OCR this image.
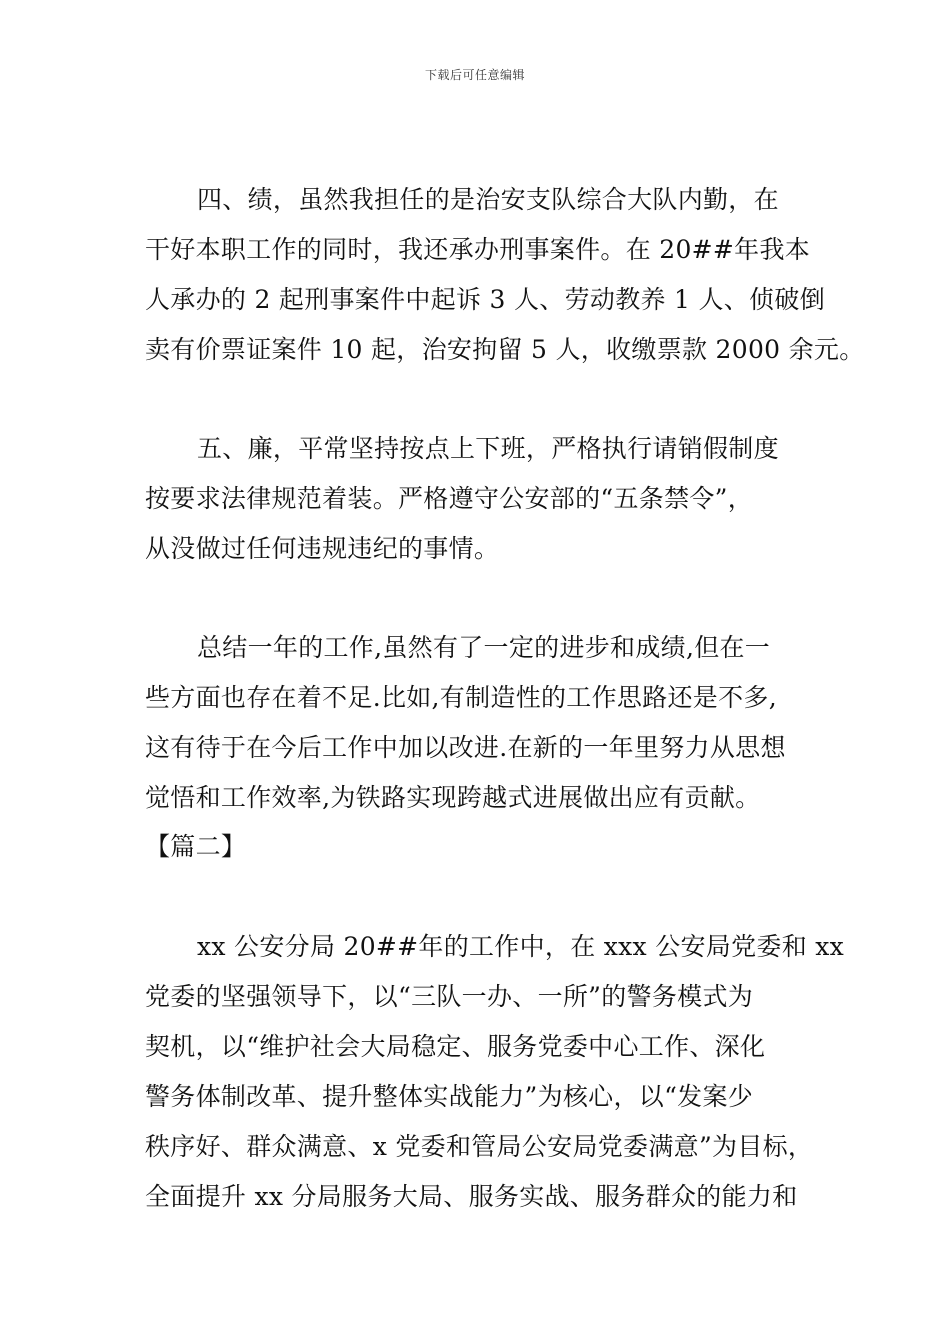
下载后可任意编辑
四、绩，虽然我担任的是治安支队综合大队内勤，在
干好本职工作的同时，我还承办刑事案件。在 20##年我本
人承办的 2 起刑事案件中起诉 3 人、劳动教养 1 人、侦破倒
卖有价票证案件 10 起，治安拘留 5 人，收缴票款 2000 余元。
五、廉，平常坚持按点上下班，严格执行请销假制度
按要求法律规范着装。严格遵守公安部的“五条禁令”，
从没做过任何违规违纪的事情。
总结一年的工作,虽然有了一定的进步和成绩,但在一
些方面也存在着不足.比如,有制造性的工作思路还是不多,
这有待于在今后工作中加以改进.在新的一年里努力从思想
觉悟和工作效率,为铁路实现跨越式进展做出应有贡献。
【篇二】
xx 公安分局 20##年的工作中，在 xxx 公安局党委和 xx
党委的坚强领导下，以“三队一办、一所”的警务模式为
契机，以“维护社会大局稳定、服务党委中心工作、深化
警务体制改革、提升整体实战能力”为核心，以“发案少
秩序好、群众满意、x 党委和管局公安局党委满意”为目标，
全面提升 xx 分局服务大局、服务实战、服务群众的能力和
